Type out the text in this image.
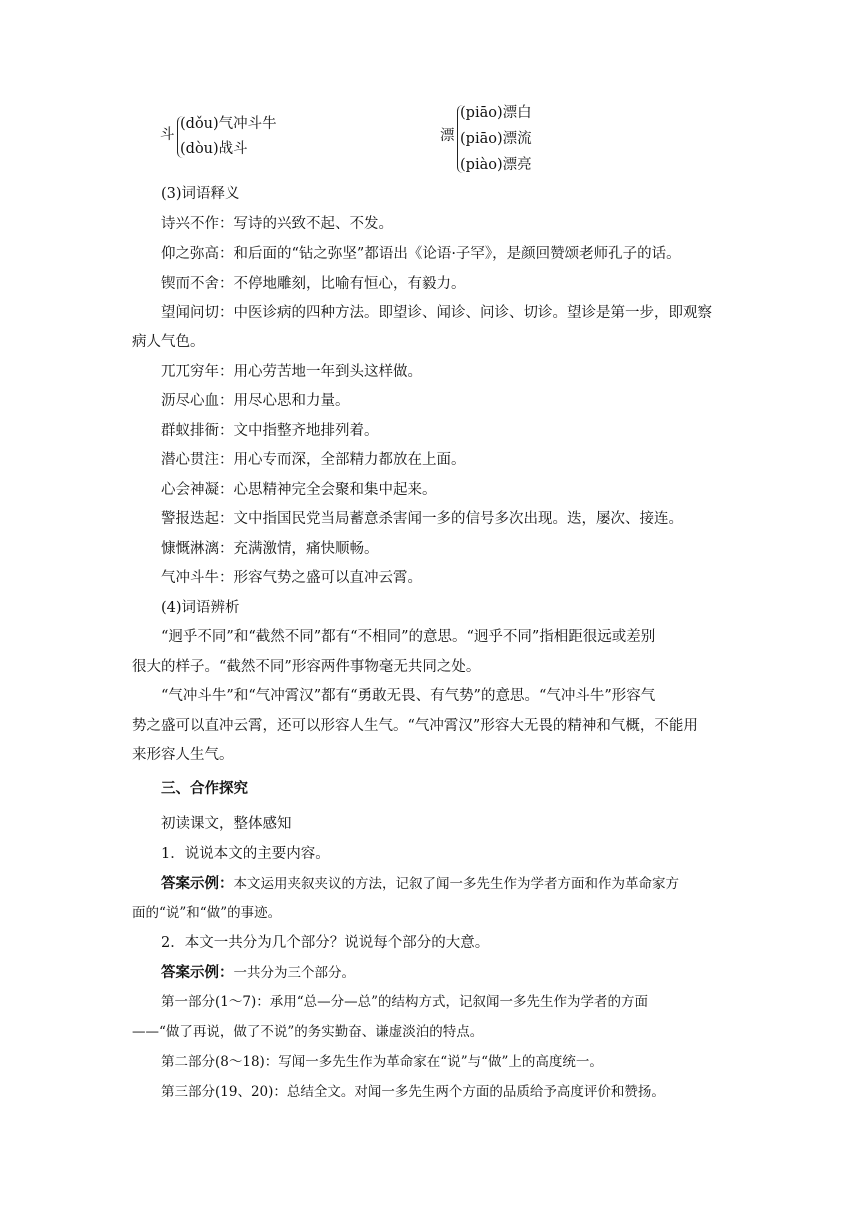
斗
(dǒu)气冲斗牛
(dòu)战斗
漂
(piāo)漂白
(piāo)漂流
(piào)漂亮
(3)词语释义
诗兴不作：写诗的兴致不起、不发。
仰之弥高：和后面的“钻之弥坚”都语出《论语·子罕》，是颜回赞颂老师孔子的话。
锲而不舍：不停地雕刻，比喻有恒心，有毅力。
望闻问切：中医诊病的四种方法。即望诊、闻诊、问诊、切诊。望诊是第一步，即观察
病人气色。
兀兀穷年：用心劳苦地一年到头这样做。
沥尽心血：用尽心思和力量。
群蚁排衙：文中指整齐地排列着。
潜心贯注：用心专而深，全部精力都放在上面。
心会神凝：心思精神完全会聚和集中起来。
警报迭起：文中指国民党当局蓄意杀害闻一多的信号多次出现。迭，屡次、接连。
慷慨淋漓：充满激情，痛快顺畅。
气冲斗牛：形容气势之盛可以直冲云霄。
(4)词语辨析
“迥乎不同”和“截然不同”都有“不相同”的意思。“迥乎不同”指相距很远或差别
很大的样子。“截然不同”形容两件事物毫无共同之处。
“气冲斗牛”和“气冲霄汉”都有“勇敢无畏、有气势”的意思。“气冲斗牛”形容气
势之盛可以直冲云霄，还可以形容人生气。“气冲霄汉”形容大无畏的精神和气概，不能用
来形容人生气。
三、合作探究
初读课文，整体感知
1．说说本文的主要内容。
答案示例：本文运用夹叙夹议的方法，记叙了闻一多先生作为学者方面和作为革命家方
面的“说”和“做”的事迹。
2．本文一共分为几个部分？说说每个部分的大意。
答案示例：一共分为三个部分。
第一部分(1～7)：承用“总—分—总”的结构方式，记叙闻一多先生作为学者的方面
——“做了再说，做了不说”的务实勤奋、谦虚淡泊的特点。
第二部分(8～18)：写闻一多先生作为革命家在“说”与“做”上的高度统一。
第三部分(19、20)：总结全文。对闻一多先生两个方面的品质给予高度评价和赞扬。
